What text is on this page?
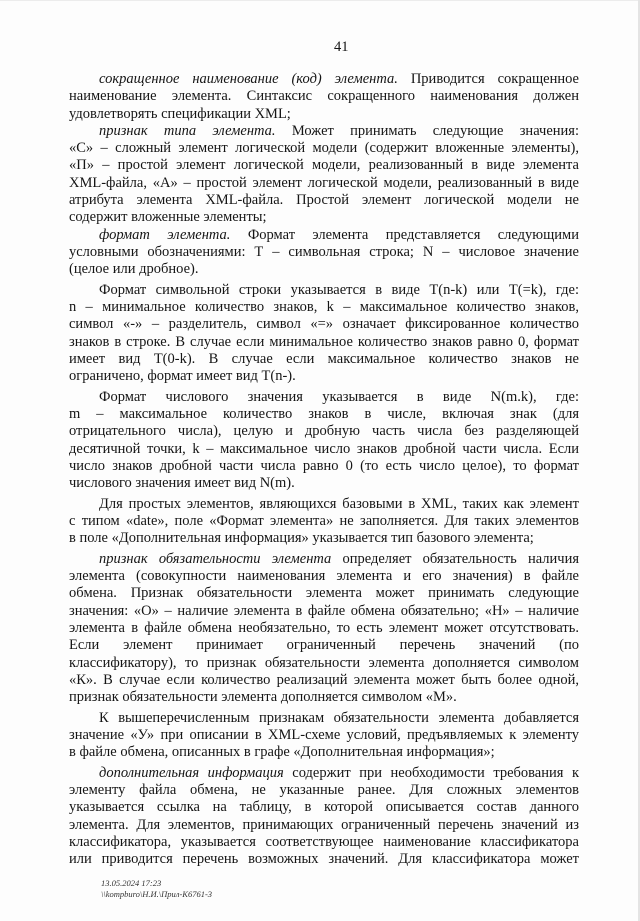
41
сокращенное наименование (код) элемента. Приводится сокращенное
наименование элемента. Синтаксис сокращенного наименования должен
удовлетворять спецификации XML;
признак типа элемента. Может принимать следующие значения:
«С» – сложный элемент логической модели (содержит вложенные элементы),
«П» – простой элемент логической модели, реализованный в виде элемента
XML-файла, «А» – простой элемент логической модели, реализованный в виде
атрибута элемента XML-файла. Простой элемент логической модели не
содержит вложенные элементы;
формат элемента. Формат элемента представляется следующими
условными обозначениями: Т – символьная строка; N – числовое значение
(целое или дробное).
Формат символьной строки указывается в виде T(n-k) или T(=k), где:
n – минимальное количество знаков, k – максимальное количество знаков,
символ «-» – разделитель, символ «=» означает фиксированное количество
знаков в строке. В случае если минимальное количество знаков равно 0, формат
имеет вид T(0-k). В случае если максимальное количество знаков не
ограничено, формат имеет вид T(n-).
Формат числового значения указывается в виде N(m.k), где:
m – максимальное количество знаков в числе, включая знак (для
отрицательного числа), целую и дробную часть числа без разделяющей
десятичной точки, k – максимальное число знаков дробной части числа. Если
число знаков дробной части числа равно 0 (то есть число целое), то формат
числового значения имеет вид N(m).
Для простых элементов, являющихся базовыми в XML, таких как элемент
с типом «date», поле «Формат элемента» не заполняется. Для таких элементов
в поле «Дополнительная информация» указывается тип базового элемента;
признак обязательности элемента определяет обязательность наличия
элемента (совокупности наименования элемента и его значения) в файле
обмена. Признак обязательности элемента может принимать следующие
значения: «О» – наличие элемента в файле обмена обязательно; «Н» – наличие
элемента в файле обмена необязательно, то есть элемент может отсутствовать.
Если элемент принимает ограниченный перечень значений (по
классификатору), то признак обязательности элемента дополняется символом
«К». В случае если количество реализаций элемента может быть более одной,
признак обязательности элемента дополняется символом «М».
К вышеперечисленным признакам обязательности элемента добавляется
значение «У» при описании в XML-схеме условий, предъявляемых к элементу
в файле обмена, описанных в графе «Дополнительная информация»;
дополнительная информация содержит при необходимости требования к
элементу файла обмена, не указанные ранее. Для сложных элементов
указывается ссылка на таблицу, в которой описывается состав данного
элемента. Для элементов, принимающих ограниченный перечень значений из
классификатора, указывается соответствующее наименование классификатора
или приводится перечень возможных значений. Для классификатора может
13.05.2024 17:23
\\kompburo\Н.И.\Прил-К6761-3
